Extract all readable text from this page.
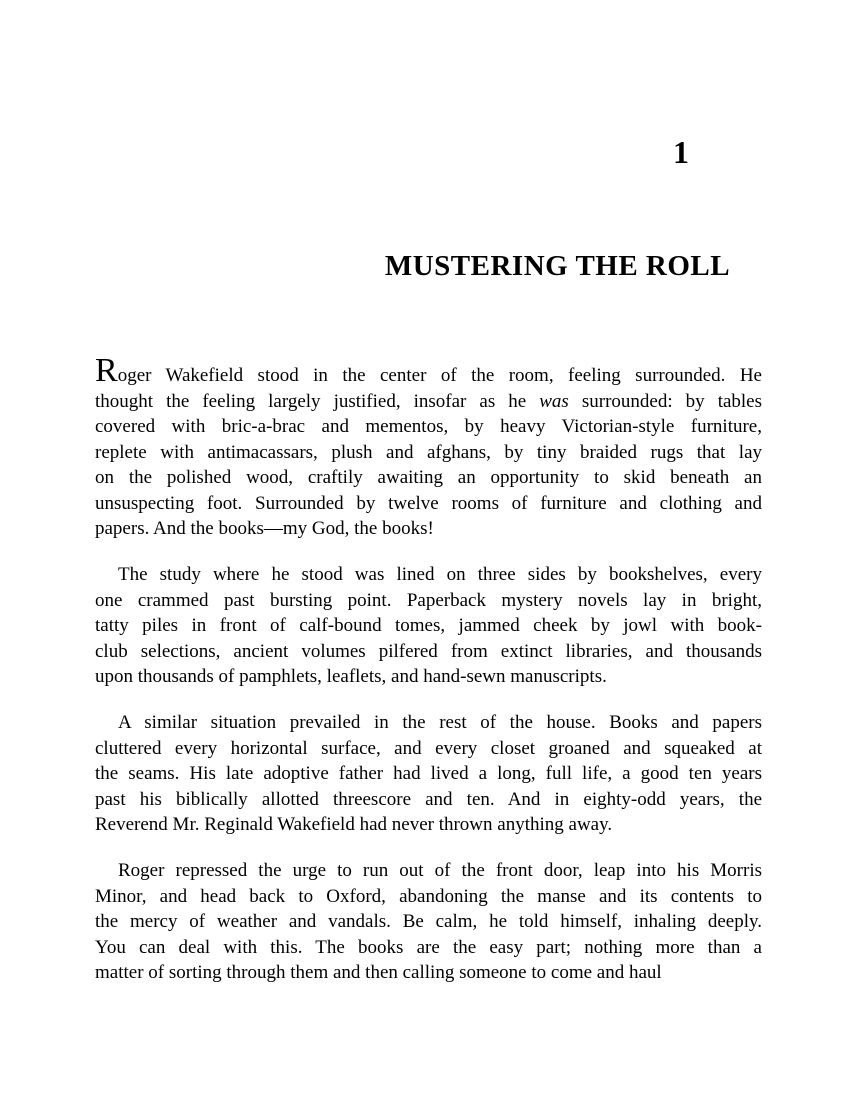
1
MUSTERING THE ROLL
Roger Wakefield stood in the center of the room, feeling surrounded. He
thought the feeling largely justified, insofar as he was surrounded: by tables
covered with bric-a-brac and mementos, by heavy Victorian-style furniture,
replete with antimacassars, plush and afghans, by tiny braided rugs that lay
on the polished wood, craftily awaiting an opportunity to skid beneath an
unsuspecting foot. Surrounded by twelve rooms of furniture and clothing and
papers. And the books—my God, the books!
The study where he stood was lined on three sides by bookshelves, every
one crammed past bursting point. Paperback mystery novels lay in bright,
tatty piles in front of calf-bound tomes, jammed cheek by jowl with book-
club selections, ancient volumes pilfered from extinct libraries, and thousands
upon thousands of pamphlets, leaflets, and hand-sewn manuscripts.
A similar situation prevailed in the rest of the house. Books and papers
cluttered every horizontal surface, and every closet groaned and squeaked at
the seams. His late adoptive father had lived a long, full life, a good ten years
past his biblically allotted threescore and ten. And in eighty-odd years, the
Reverend Mr. Reginald Wakefield had never thrown anything away.
Roger repressed the urge to run out of the front door, leap into his Morris
Minor, and head back to Oxford, abandoning the manse and its contents to
the mercy of weather and vandals. Be calm, he told himself, inhaling deeply.
You can deal with this. The books are the easy part; nothing more than a
matter of sorting through them and then calling someone to come and haul
